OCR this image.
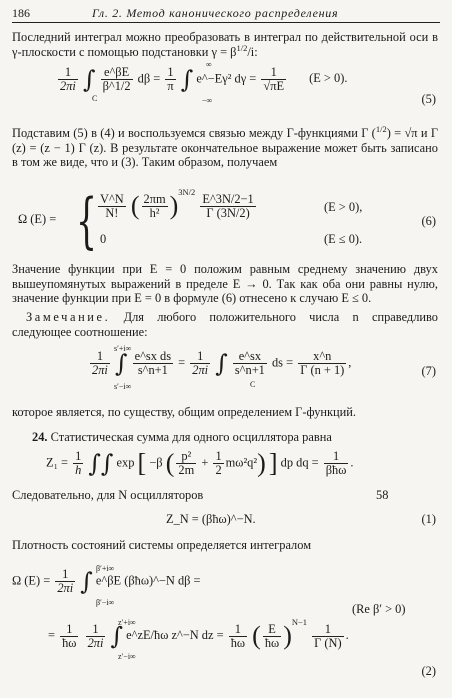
186	Гл. 2. Метод канонического распределения

Последний интеграл можно преобразовать в интеграл по действительной оси в γ-плоскости с помощью подстановки $\gamma = \beta^{1/2}/i$:

$\frac{1}{2\pi i}$ ∫
C

$\frac{e\^{}\beta E}{\beta\^{}1/2}$ $d\beta = \frac{1}{\pi}$

∞
∫
−∞
e^−Eγ² $d\gamma = \frac{1}{√\pi E} (E > 0)$.
(5)

Подставим (5) в (4) и воспользуемся связью между Γ-функциями Γ ($^{1/2}$) = √π и Γ (z) = (z − 1) Γ (z). В результате окончательное выражение может быть записано в том же виде, что и (3). Таким образом, получаем

Ω (E) = { $\frac{V\^{}N}{N!}$ ( $\frac{2\pi m}{\text{h²}} )^{3N/2}$
$\frac{E\^{}3N/2-1}{\Gamma (3N/2)}$	(E > 0),
0	(E ≤ 0).
(6)

Значение функции при E = 0 положим равным среднему значению двух вышеупомянутых выражений в пределе E → 0. Так как оба они равны нулю, значение функции при E = 0 в формуле (6) отнесено к случаю E ≤ 0.

Замечание. Для любого положительного числа n справедливо следующее соотношение:

$\frac{1}{2\pi i}$

s′+i∞
∫
s′−i∞
$\frac{\text{e\textasciicircum{}sx ds}}{s\^{}n+1} = \frac{1}{2\pi i}$ ∫
C

$\frac{e\^{}sx}{s\^{}n+1}$ ds = $\frac{x\^{}n}{\Gamma (n + 1)}$ ,
(7)

которое является, по существу, общим определением Γ-функций.

24. Статистическая сумма для одного осциллятора равна

$Z_1 = \frac{1}{h}$ ∫∫ exp [ −β ( $\frac{\text{p²}}{2m} + \frac{1}{2} m\omega^2q^2$) ] dp dq =	1
βħω
.

Следовательно, для N осцилляторов	58

Z_N = (βħω)^−N.	(1)

Плотность состояний системы определяется интегралом

Ω $(E) = \frac{1}{2\pi i}$
	β′+i∞
∫
β′−i∞
e^βE (βħω)^−N dβ =
(Re β′ > 0)
= $\frac{1}{ħ\omega}$
$\frac{1}{2\pi i}$

z′+i∞
∫
z′−i∞
e^zE/ħω z^−N dz = $\frac{1}{ħ\omega}$ ( $\frac{E}{ħ\omega} )^{N-1}$
$\frac{1}{\Gamma (N)}$ .
(2)
